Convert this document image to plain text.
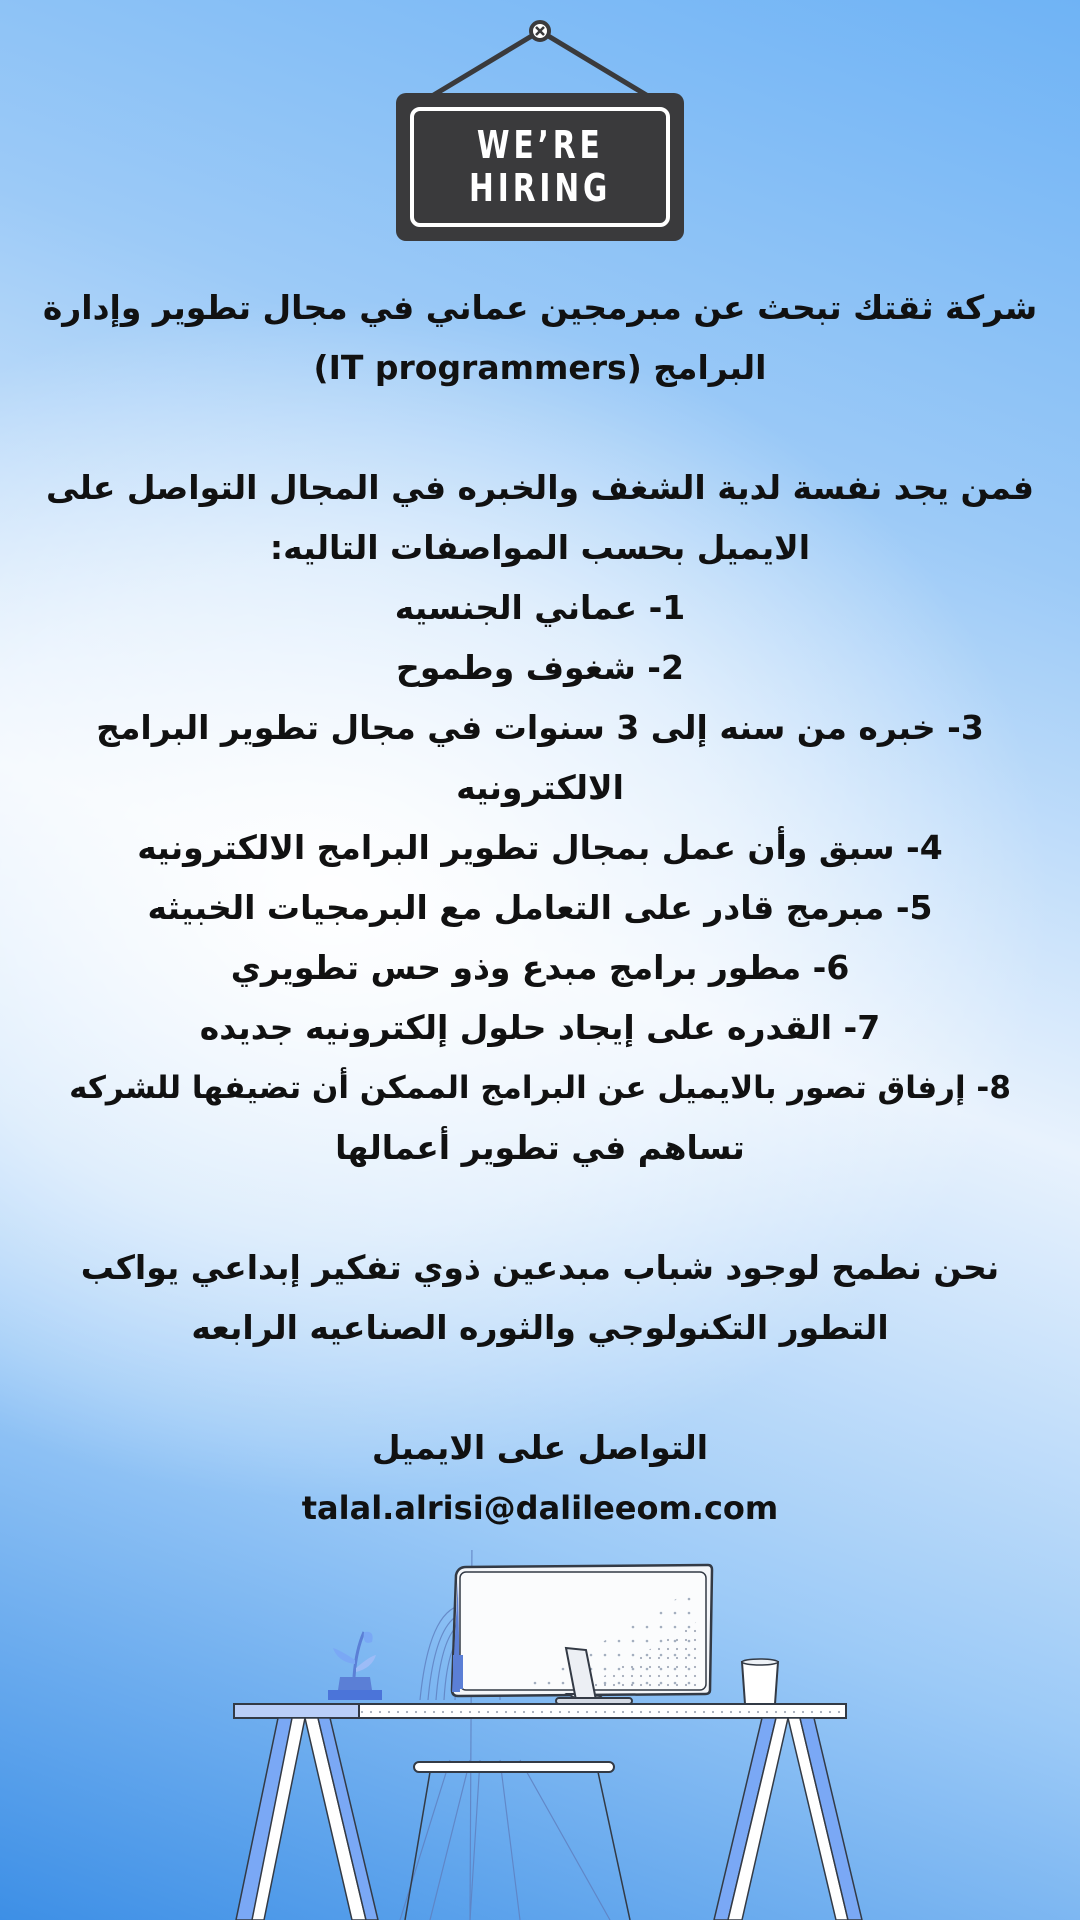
WE’RE
HIRING
شركة ثقتك تبحث عن مبرمجين عماني في مجال تطوير وإدارة
البرامج (IT programmers)
فمن يجد نفسة لدية الشغف والخبره في المجال التواصل على
الايميل بحسب المواصفات التاليه:
1- عماني الجنسيه
2- شغوف وطموح
3- خبره من سنه إلى 3 سنوات في مجال تطوير البرامج
الالكترونيه
4- سبق وأن عمل بمجال تطوير البرامج الالكترونيه
5- مبرمج قادر على التعامل مع البرمجيات الخبيثه
6- مطور برامج مبدع وذو حس تطويري
7- القدره على إيجاد حلول إلكترونيه جديده
8- إرفاق تصور بالايميل عن البرامج الممكن أن تضيفها للشركه
تساهم في تطوير أعمالها
نحن نطمح لوجود شباب مبدعين ذوي تفكير إبداعي يواكب
التطور التكنولوجي والثوره الصناعيه الرابعه
التواصل على الايميل
talal.alrisi@dalileeom.com
